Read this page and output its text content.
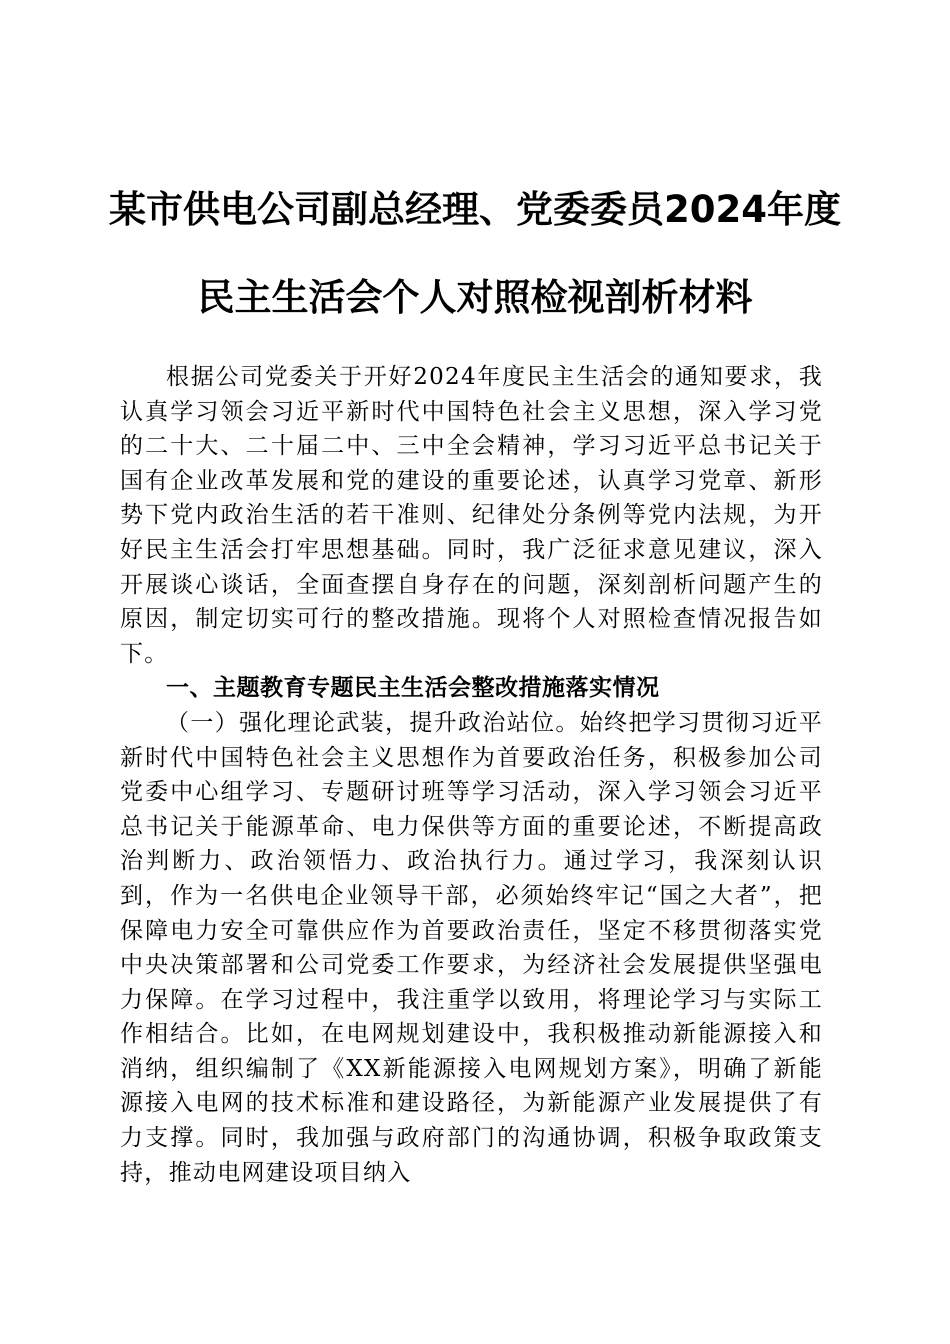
某市供电公司副总经理、党委委员2024年度

民主生活会个人对照检视剖析材料

根据公司党委关于开好2024年度民主生活会的通知要求，我认真学习领会习近平新时代中国特色社会主义思想，深入学习党的二十大、二十届二中、三中全会精神，学习习近平总书记关于国有企业改革发展和党的建设的重要论述，认真学习党章、新形势下党内政治生活的若干准则、纪律处分条例等党内法规，为开好民主生活会打牢思想基础。同时，我广泛征求意见建议，深入开展谈心谈话，全面查摆自身存在的问题，深刻剖析问题产生的原因，制定切实可行的整改措施。现将个人对照检查情况报告如下。

一、主题教育专题民主生活会整改措施落实情况

（一）强化理论武装，提升政治站位。始终把学习贯彻习近平新时代中国特色社会主义思想作为首要政治任务，积极参加公司党委中心组学习、专题研讨班等学习活动，深入学习领会习近平总书记关于能源革命、电力保供等方面的重要论述，不断提高政治判断力、政治领悟力、政治执行力。通过学习，我深刻认识到，作为一名供电企业领导干部，必须始终牢记“国之大者”，把保障电力安全可靠供应作为首要政治责任，坚定不移贯彻落实党中央决策部署和公司党委工作要求，为经济社会发展提供坚强电力保障。在学习过程中，我注重学以致用，将理论学习与实际工作相结合。比如，在电网规划建设中，我积极推动新能源接入和消纳，组织编制了《XX新能源接入电网规划方案》，明确了新能源接入电网的技术标准和建设路径，为新能源产业发展提供了有力支撑。同时，我加强与政府部门的沟通协调，积极争取政策支持，推动电网建设项目纳入
